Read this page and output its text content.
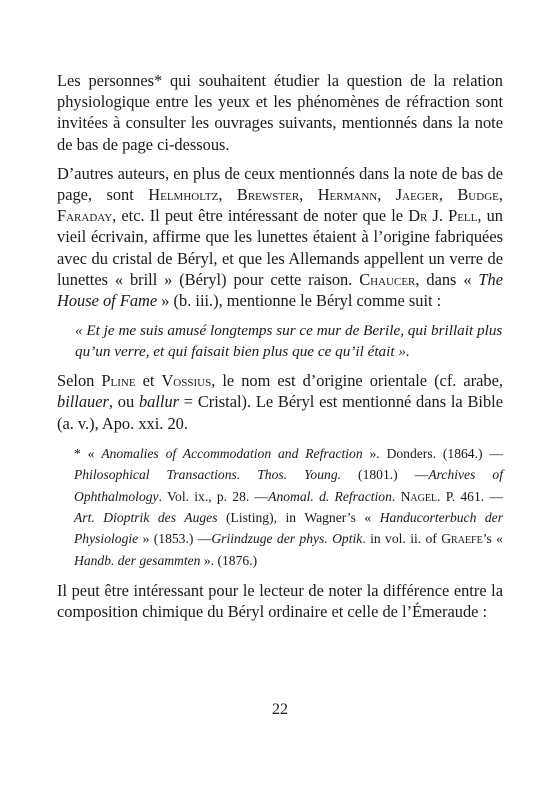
Les personnes* qui souhaitent étudier la question de la relation physiologique entre les yeux et les phénomènes de réfraction sont invitées à consulter les ouvrages suivants, mentionnés dans la note de bas de page ci-dessous.

D’autres auteurs, en plus de ceux mentionnés dans la note de bas de page, sont Helmholtz, Brewster, Hermann, Jaeger, Budge, Faraday, etc. Il peut être intéressant de noter que le Dr J. Pell, un vieil écrivain, affirme que les lunettes étaient à l’origine fabriquées avec du cristal de Béryl, et que les Allemands appellent un verre de lunettes « brill » (Béryl) pour cette raison. Chaucer, dans « The House of Fame » (b. iii.), mentionne le Béryl comme suit :

« Et je me suis amusé longtemps sur ce mur de Berile, qui brillait plus qu’un verre, et qui faisait bien plus que ce qu’il était ».

Selon Pline et Vossius, le nom est d’origine orientale (cf. arabe, billauer, ou ballur = Cristal). Le Béryl est mentionné dans la Bible (a. v.), Apo. xxi. 20.

* « Anomalies of Accommodation and Refraction ». Donders. (1864.) — Philosophical Transactions. Thos. Young. (1801.) —Archives of Ophthalmology. Vol. ix., p. 28. —Anomal. d. Refraction. Nagel. P. 461. —Art. Dioptrik des Auges (Listing), in Wagner’s « Handucorterbuch der Physiologie » (1853.) —Griindzuge der phys. Optik. in vol. ii. of Graefe’s « Handb. der gesammten ». (1876.)

Il peut être intéressant pour le lecteur de noter la différence entre la composition chimique du Béryl ordinaire et celle de l’Émeraude :

22
